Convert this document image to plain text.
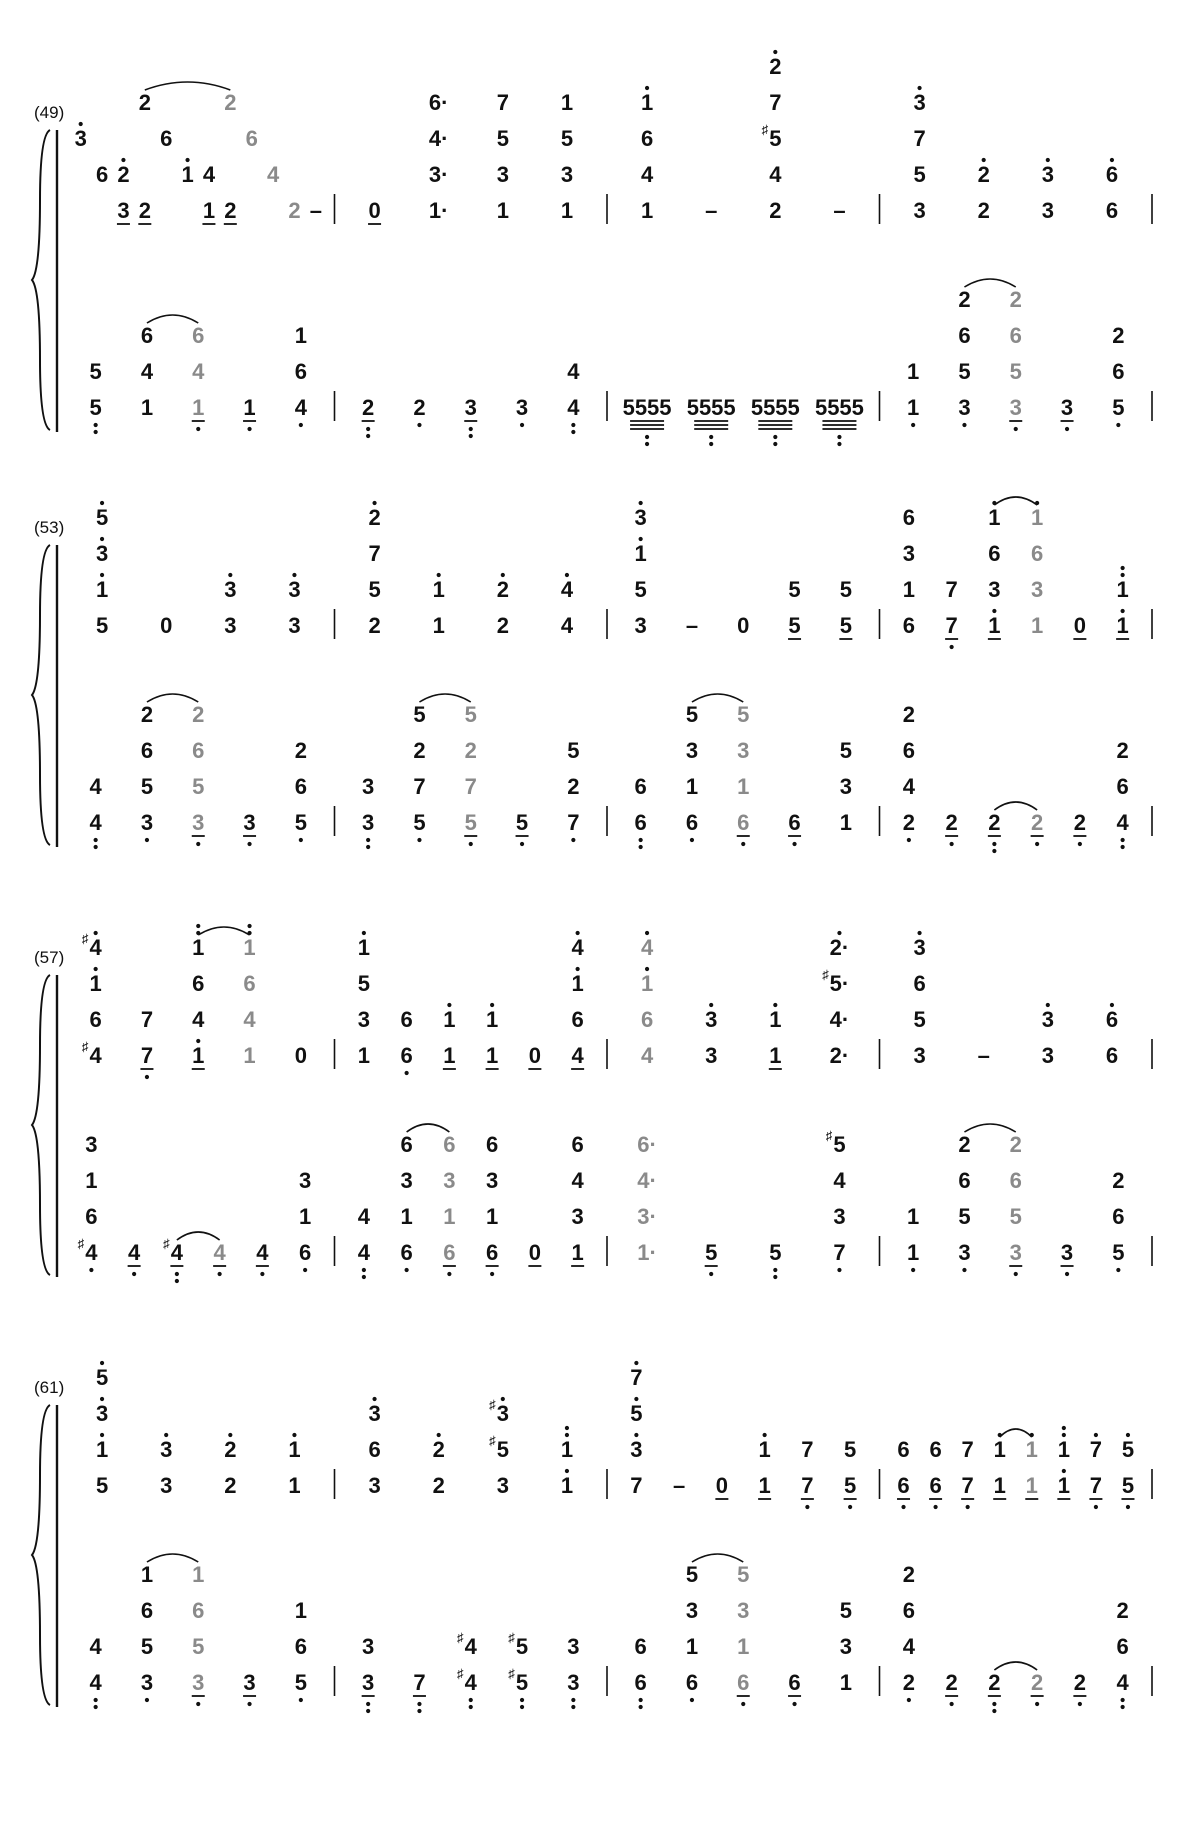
(49)
3
6
3
2
2
2
6
1
1
4
2
2
6
4
2 – 0 1·
3·
4·
6·
1
3
5
7
1
3
5
1
1
4
6
1
– 2
4
5
♯
7
2
–	3
5
7
3
2
2
3
3
6
6
5
5
1
4
6
1
4
6
1 4
6
1
2 2 3 3 4
4
5555 5555 5555 5555 1
1
3
5
6
2
3
5
6
2
3 5
6
2
(53)
5
1
3
5
0 3
3
3
3
2
5
7
2
1
1
2
2
4
4
3
5
1
3
– 0 5
5
5
5
6
1
3
6
7
7
1
3
6
1
1
3
6
1
0 1
1
4
4
3
5
6
2
3
5
6
2
3 5
6
2
3
3
5
7
2
5
5
7
2
5
5 7
2
5
6
6
6
1
3
5
6
1
3
5
6 1
3
5
2
4
6
2
2 2 2 2 4
6
2
(57)
4
♯
6
1
4
♯
7
7
1
4
6
1
1
4
6
1
0 1
3
5
1
6
6
1
1
1
1
0 4
6
1
4
4
6
1
4
3
3
1
1
2·
4·
5·
♯
2·
3
5
6
3
– 3
3
6
6
4
♯
6
1
3
4 4
♯ 4 4 6
1
3
4
4
6
1
3
6
6
1
3
6
6
1
3
6
0 1
3
4
6
1·
3·
4·
6·
5 5 7
3
4
5
♯
1
1
3
5
6
2
3
5
6
2
3 5
6
2
(61)
5
1
3
5
3
3
2
2
1
1
3
6
3
2
2
3
5
♯
3
♯
1
1
7
3
5
7
– 0 1
1
7
7
5
5
6
6
6
6
7
7
1
1
1
1
1
1
7
7
5
5
4
4
3
5
6
1
3
5
6
1
3 5
6
1
3
3
7 4
♯
4
♯
5
♯
5
♯
3
3
6
6
6
1
3
5
6
1
3
5
6 1
3
5
2
4
6
2
2 2 2 2 4
6
2
